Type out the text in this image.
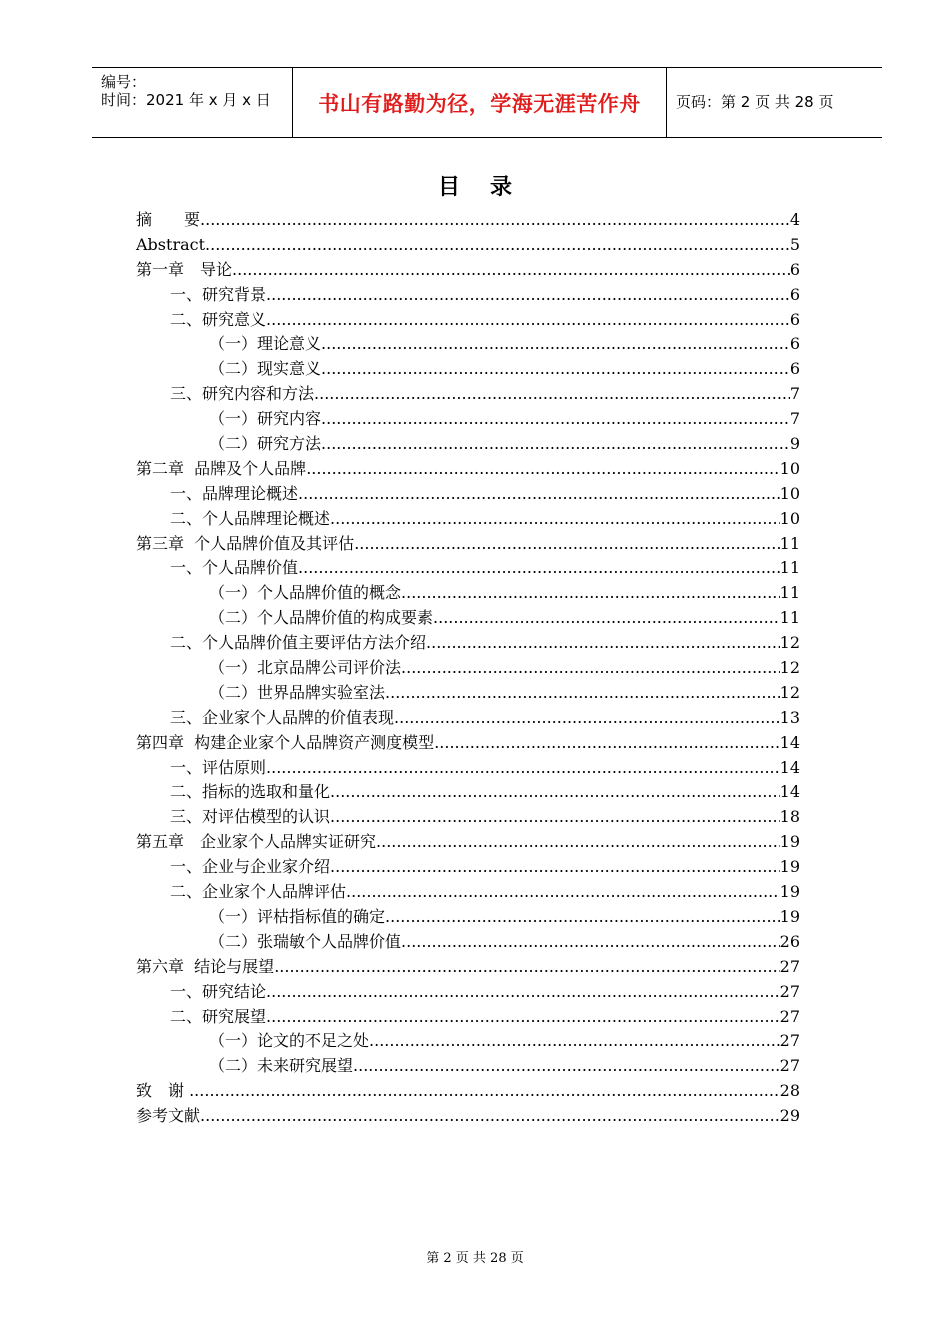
编号：
时间：2021 年 x 月 x 日	书山有路勤为径，学海无涯苦作舟	页码：第 2 页 共 28 页
目 录
摘　　要 .....	4
Abstract .....	5
第一章　导论 .....	6
一、研究背景 .....	6
二、研究意义 .....	6
（一）理论意义 .....	6
（二）现实意义 .....	6
三、研究内容和方法 .....	7
（一）研究内容 .....	7
（二）研究方法 .....	9
第二章  品牌及个人品牌 .....	10
一、品牌理论概述 .....	10
二、个人品牌理论概述 .....	10
第三章  个人品牌价值及其评估 .....	11
一、个人品牌价值 .....	11
（一）个人品牌价值的概念 .....	11
（二）个人品牌价值的构成要素 .....	11
二、个人品牌价值主要评估方法介绍 .....	12
（一）北京品牌公司评价法 .....	12
（二）世界品牌实验室法 .....	12
三、企业家个人品牌的价值表现 .....	13
第四章  构建企业家个人品牌资产测度模型 .....	14
一、评估原则 .....	14
二、指标的选取和量化 .....	14
三、对评估模型的认识 .....	18
第五章　企业家个人品牌实证研究 .....	19
一、企业与企业家介绍 .....	19
二、企业家个人品牌评估 .....	19
（一）评枯指标值的确定 .....	19
（二）张瑞敏个人品牌价值 .....	26
第六章  结论与展望 .....	27
一、研究结论 .....	27
二、研究展望 .....	27
（一）论文的不足之处 .....	27
（二）未来研究展望 .....	27
致　谢 .....	28
参考文献 .....	29
第 2 页 共 28 页
